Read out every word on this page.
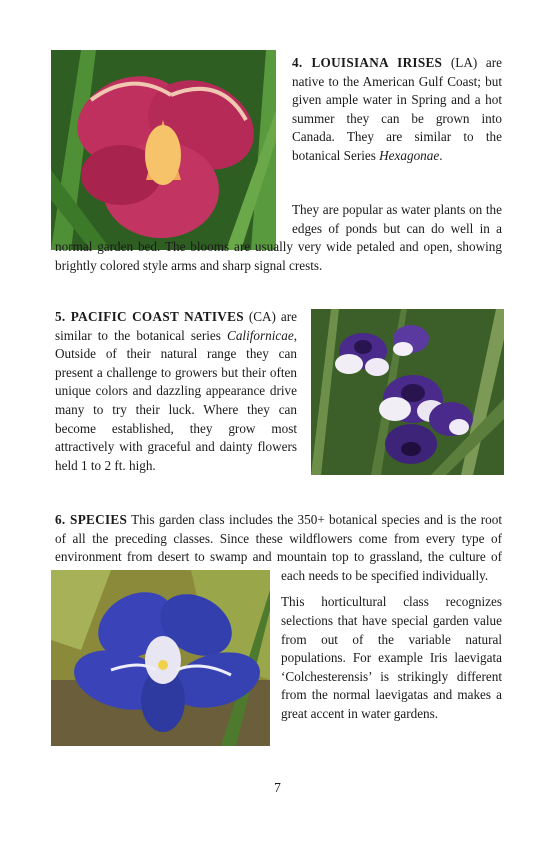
4. LOUISIANA IRISES (LA) are native to the American Gulf Coast; but given ample water in Spring and a hot summer they can be grown into Canada. They are similar to the botanical Series Hexagonae.

They are popular as water plants on the edges of ponds but can do well in a normal garden bed. The blooms are usually very wide petaled and open, showing brightly colored style arms and sharp signal crests.

5. PACIFIC COAST NATIVES (CA) are similar to the botanical series Californicae, Outside of their natural range they can present a challenge to growers but their often unique colors and dazzling appearance drive many to try their luck. Where they can become established, they grow most attractively with graceful and dainty flowers held 1 to 2 ft. high.

6. SPECIES This garden class includes the 350+ botanical species and is the root of all the preceding classes. Since these wildflowers come from every type of environment from desert to swamp and mountain top to grassland, the culture of each needs to be specified individually.

This horticultural class recognizes selections that have special garden value from out of the variable natural populations. For example Iris laevigata ‘Colchesterensis’ is strikingly different from the normal laevigatas and makes a great accent in water gardens.

7
